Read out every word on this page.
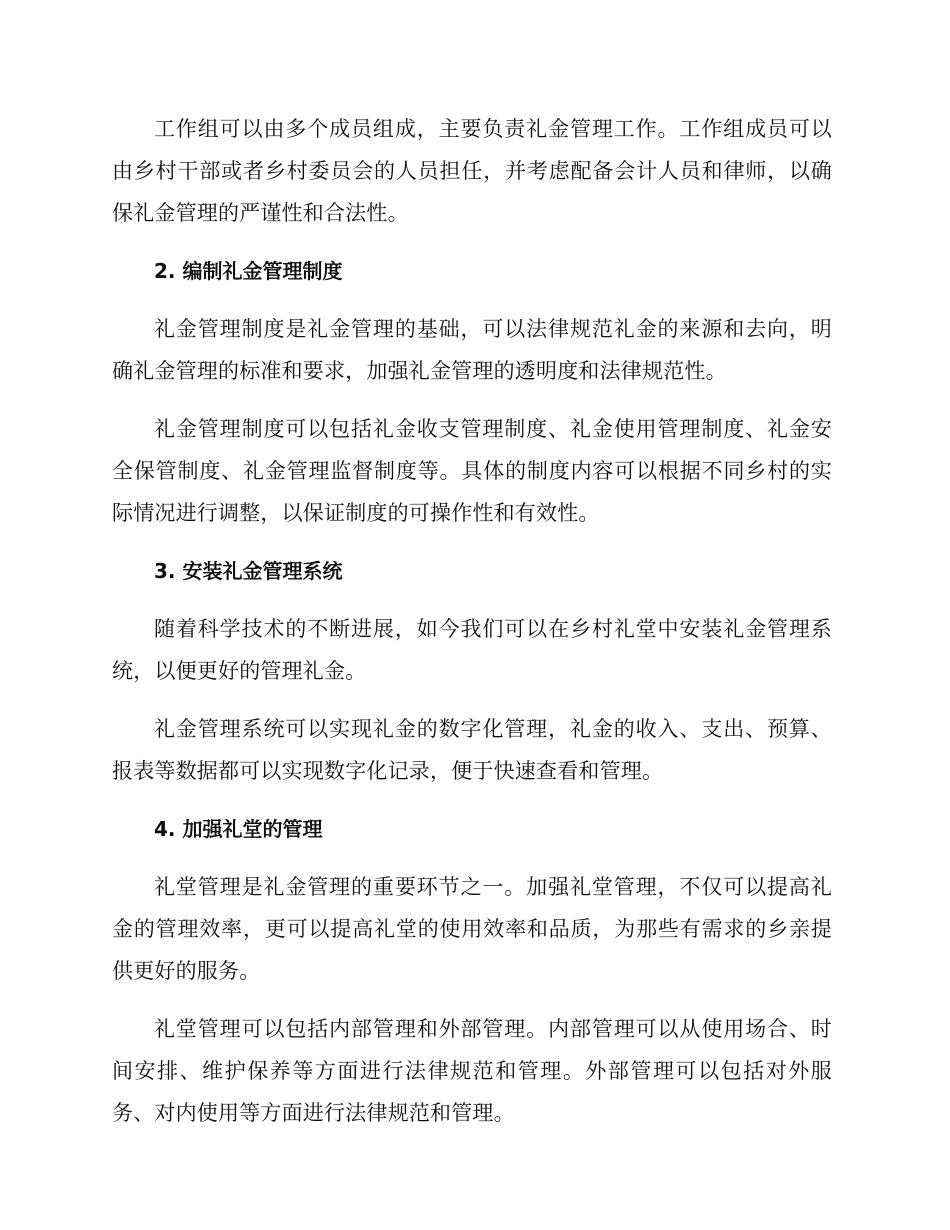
工作组可以由多个成员组成，主要负责礼金管理工作。工作组成员可以由乡村干部或者乡村委员会的人员担任，并考虑配备会计人员和律师，以确保礼金管理的严谨性和合法性。

2. 编制礼金管理制度

礼金管理制度是礼金管理的基础，可以法律规范礼金的来源和去向，明确礼金管理的标准和要求，加强礼金管理的透明度和法律规范性。

礼金管理制度可以包括礼金收支管理制度、礼金使用管理制度、礼金安全保管制度、礼金管理监督制度等。具体的制度内容可以根据不同乡村的实际情况进行调整，以保证制度的可操作性和有效性。

3. 安装礼金管理系统

随着科学技术的不断进展，如今我们可以在乡村礼堂中安装礼金管理系统，以便更好的管理礼金。

礼金管理系统可以实现礼金的数字化管理，礼金的收入、支出、预算、报表等数据都可以实现数字化记录，便于快速查看和管理。

4. 加强礼堂的管理

礼堂管理是礼金管理的重要环节之一。加强礼堂管理，不仅可以提高礼金的管理效率，更可以提高礼堂的使用效率和品质，为那些有需求的乡亲提供更好的服务。

礼堂管理可以包括内部管理和外部管理。内部管理可以从使用场合、时间安排、维护保养等方面进行法律规范和管理。外部管理可以包括对外服务、对内使用等方面进行法律规范和管理。
